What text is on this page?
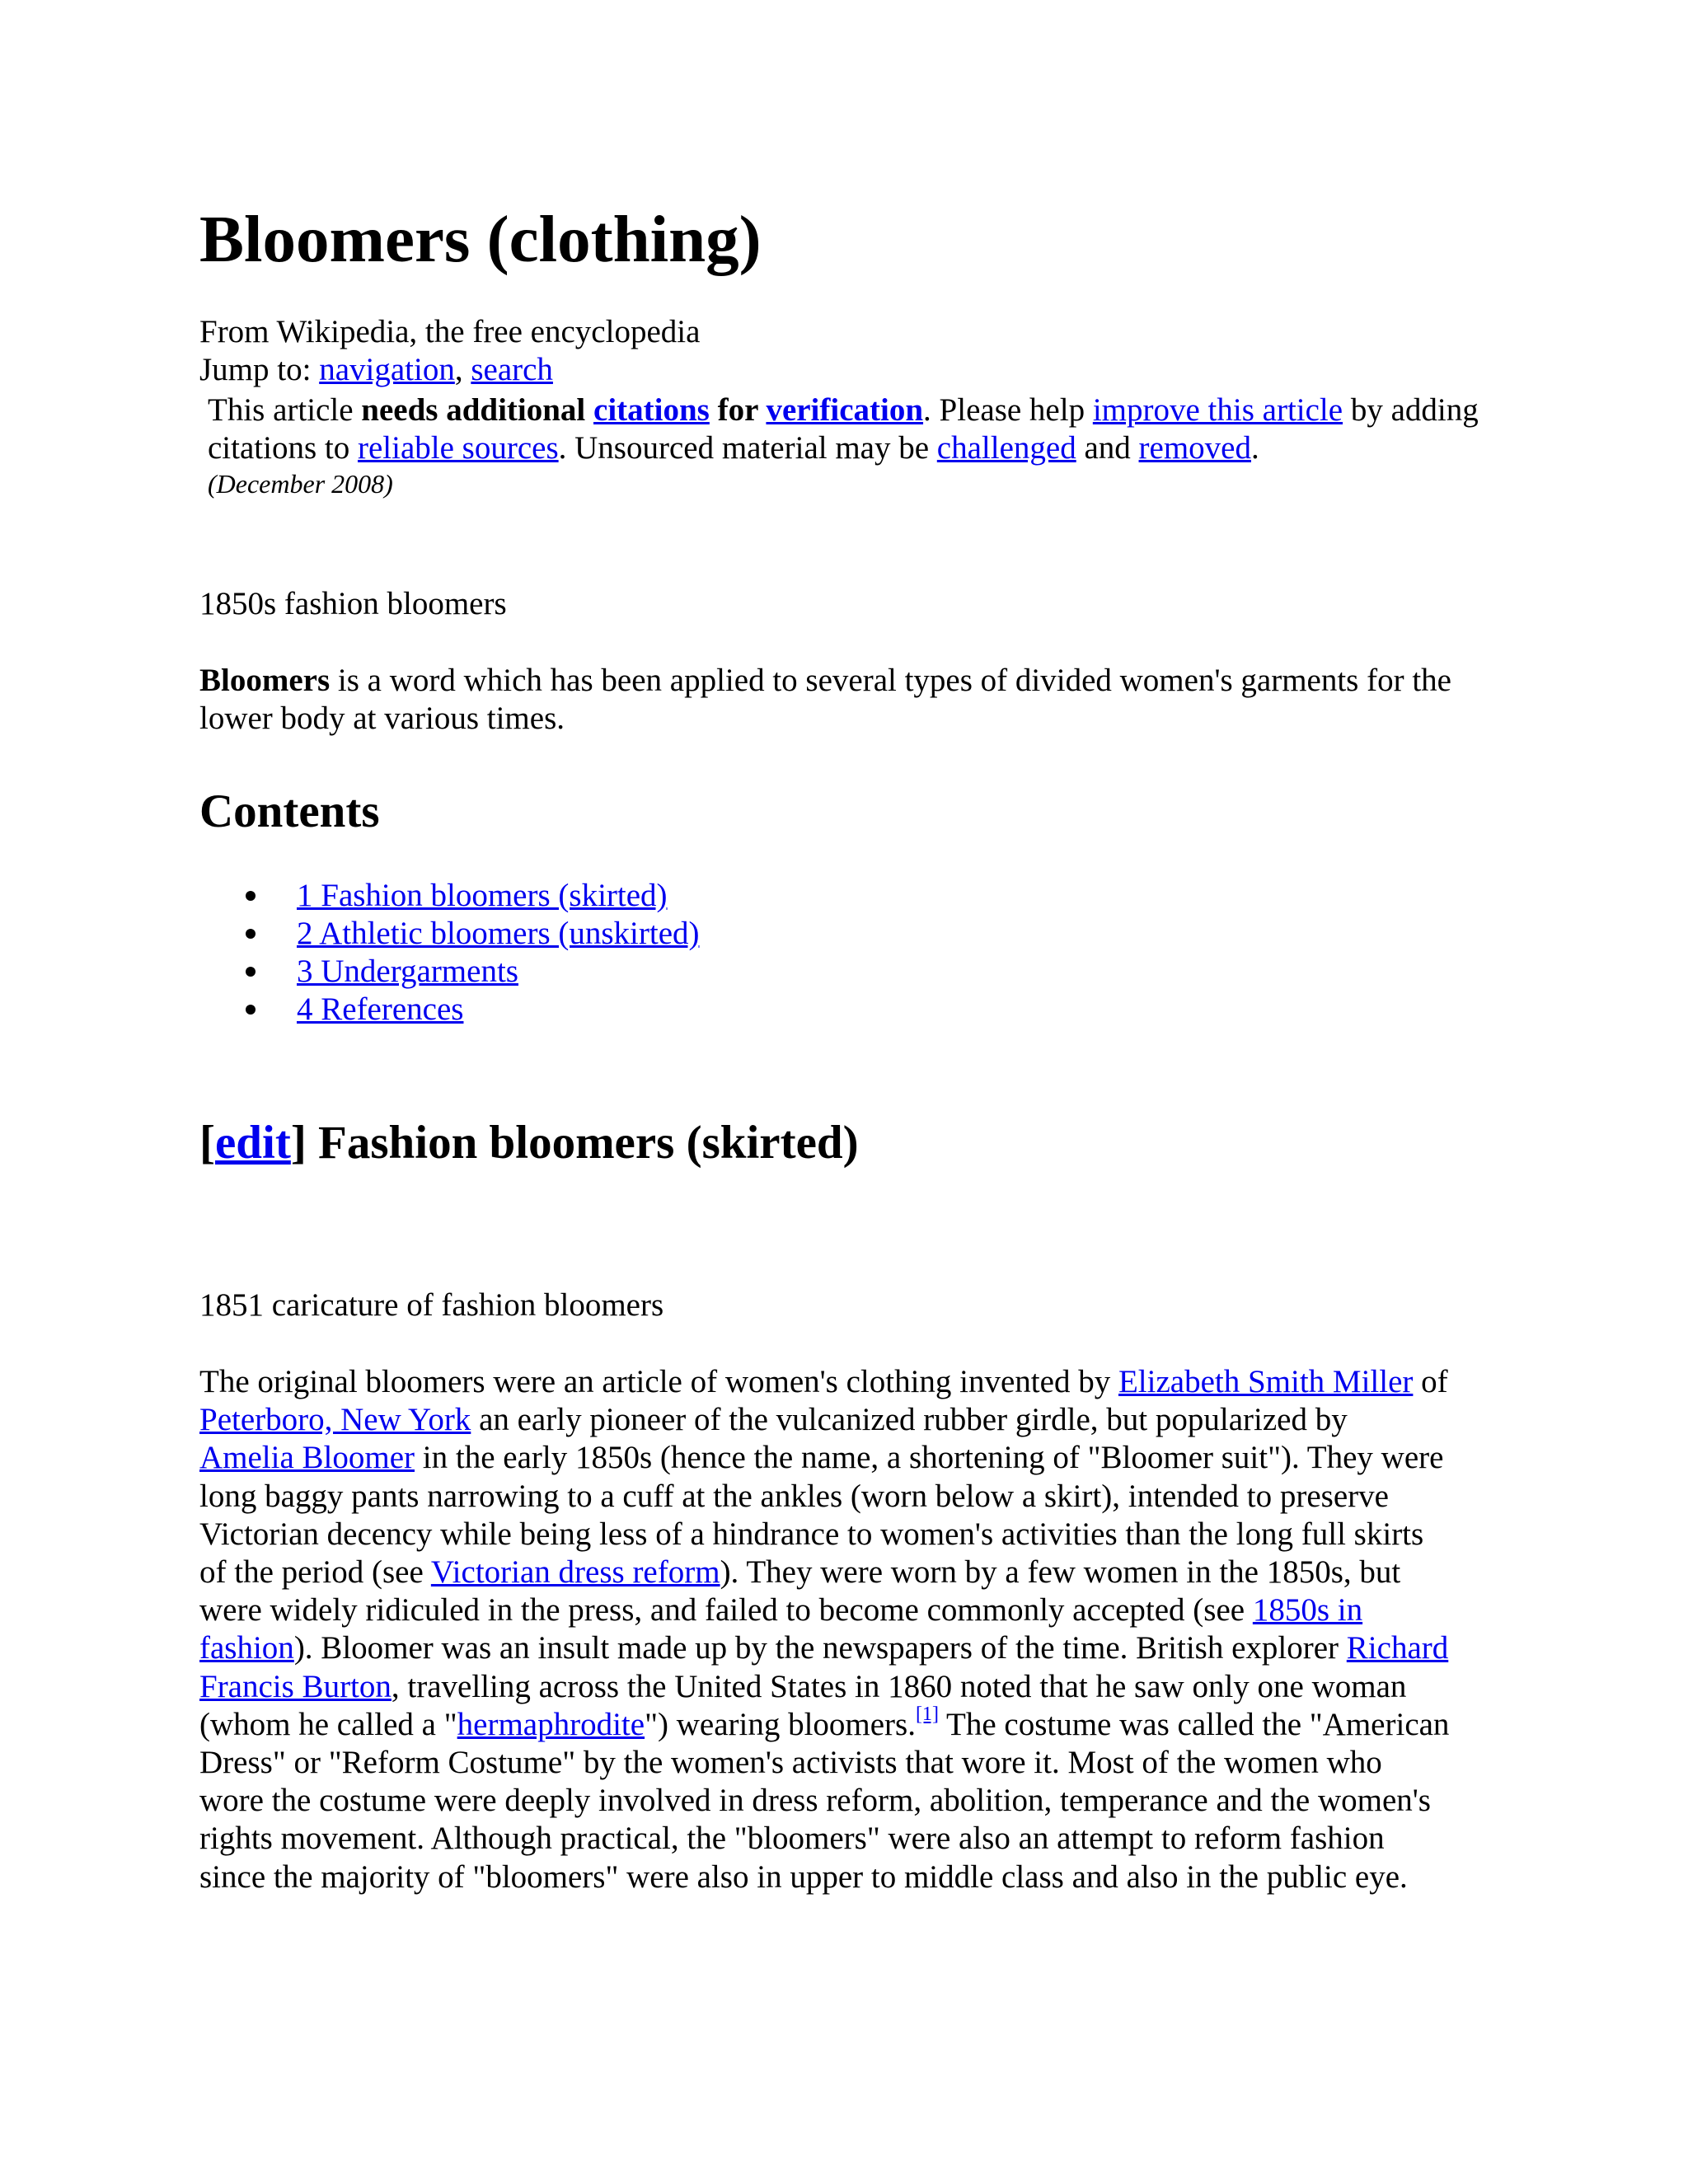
Bloomers (clothing)
From Wikipedia, the free encyclopedia
Jump to: navigation, search
This article needs additional citations for verification. Please help improve this article by adding citations to reliable sources. Unsourced material may be challenged and removed.
(December 2008)
1850s fashion bloomers
Bloomers is a word which has been applied to several types of divided women's garments for the
lower body at various times.
Contents
1 Fashion bloomers (skirted)
2 Athletic bloomers (unskirted)
3 Undergarments
4 References
[edit] Fashion bloomers (skirted)
1851 caricature of fashion bloomers
The original bloomers were an article of women's clothing invented by Elizabeth Smith Miller of
Peterboro, New York an early pioneer of the vulcanized rubber girdle, but popularized by
Amelia Bloomer in the early 1850s (hence the name, a shortening of "Bloomer suit"). They were
long baggy pants narrowing to a cuff at the ankles (worn below a skirt), intended to preserve
Victorian decency while being less of a hindrance to women's activities than the long full skirts
of the period (see Victorian dress reform). They were worn by a few women in the 1850s, but
were widely ridiculed in the press, and failed to become commonly accepted (see 1850s in
fashion). Bloomer was an insult made up by the newspapers of the time. British explorer Richard
Francis Burton, travelling across the United States in 1860 noted that he saw only one woman
(whom he called a "hermaphrodite") wearing bloomers.[1] The costume was called the "American
Dress" or "Reform Costume" by the women's activists that wore it. Most of the women who
wore the costume were deeply involved in dress reform, abolition, temperance and the women's
rights movement. Although practical, the "bloomers" were also an attempt to reform fashion
since the majority of "bloomers" were also in upper to middle class and also in the public eye.
